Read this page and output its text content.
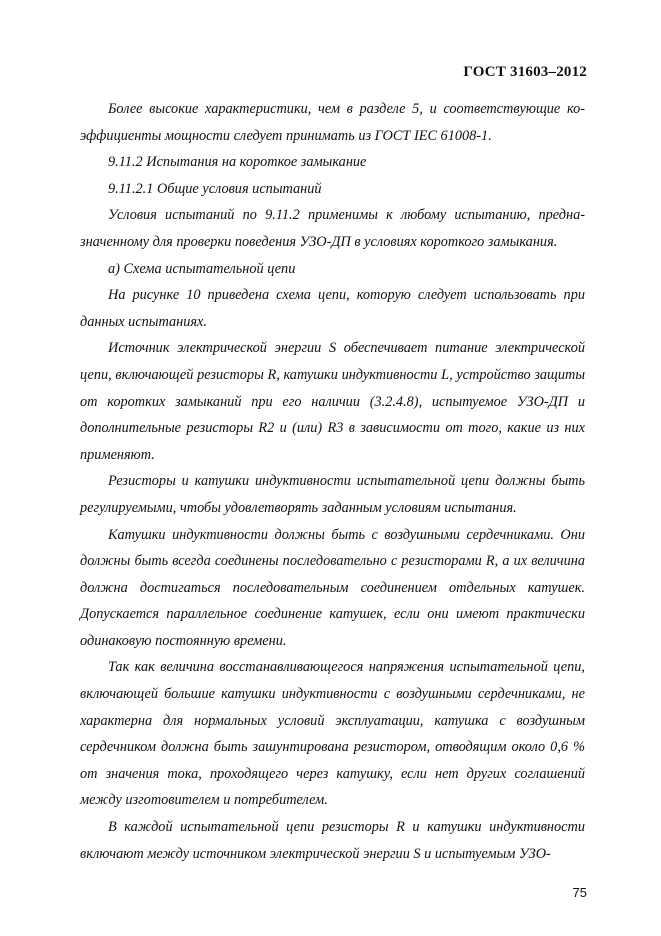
ГОСТ 31603–2012

Более высокие характеристики, чем в разделе 5, и соответствующие коэффициенты мощности следует принимать из ГОСТ IEC 61008-1.

9.11.2 Испытания на короткое замыкание

9.11.2.1 Общие условия испытаний

Условия испытаний по 9.11.2 применимы к любому испытанию, предназначенному для проверки поведения УЗО-ДП в условиях короткого замыкания.

а) Схема испытательной цепи

На рисунке 10 приведена схема цепи, которую следует использовать при данных испытаниях.

Источник электрической энергии S обеспечивает питание электрической цепи, включающей резисторы R, катушки индуктивности L, устройство защиты от коротких замыканий при его наличии (3.2.4.8), испытуемое УЗО-ДП и дополнительные резисторы R2 и (или) R3 в зависимости от того, какие из них применяют.

Резисторы и катушки индуктивности испытательной цепи должны быть регулируемыми, чтобы удовлетворять заданным условиям испытания.

Катушки индуктивности должны быть с воздушными сердечниками. Они должны быть всегда соединены последовательно с резисторами R, а их величина должна достигаться последовательным соединением отдельных катушек. Допускается параллельное соединение катушек, если они имеют практически одинаковую постоянную времени.

Так как величина восстанавливающегося напряжения испытательной цепи, включающей большие катушки индуктивности с воздушными сердечниками, не характерна для нормальных условий эксплуатации, катушка с воздушным сердечником должна быть зашунтирована резистором, отводящим около 0,6 % от значения тока, проходящего через катушку, если нет других соглашений между изготовителем и потребителем.

В каждой испытательной цепи резисторы R и катушки индуктивности включают между источником электрической энергии S и испытуемым УЗО-

75
